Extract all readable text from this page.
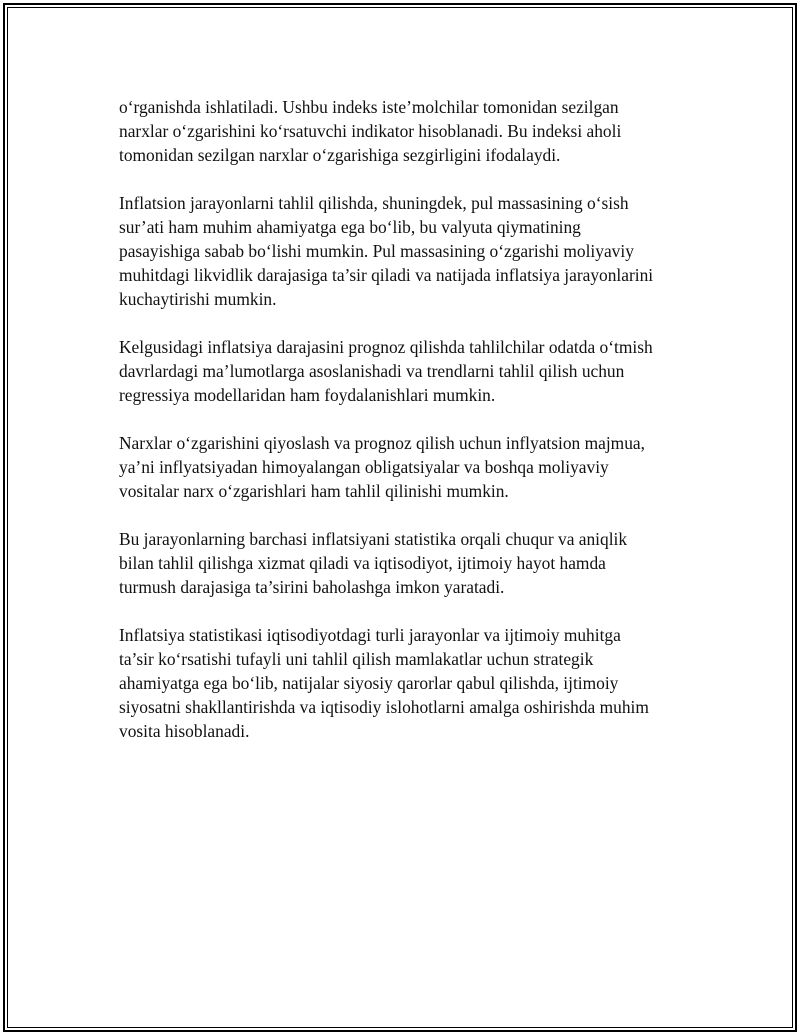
o‘rganishda ishlatiladi. Ushbu indeks iste’molchilar tomonidan sezilgan
narxlar o‘zgarishini ko‘rsatuvchi indikator hisoblanadi. Bu indeksi aholi
tomonidan sezilgan narxlar o‘zgarishiga sezgirligini ifodalaydi.

Inflatsion jarayonlarni tahlil qilishda, shuningdek, pul massasining o‘sish
sur’ati ham muhim ahamiyatga ega bo‘lib, bu valyuta qiymatining
pasayishiga sabab bo‘lishi mumkin. Pul massasining o‘zgarishi moliyaviy
muhitdagi likvidlik darajasiga ta’sir qiladi va natijada inflatsiya jarayonlarini
kuchaytirishi mumkin.

Kelgusidagi inflatsiya darajasini prognoz qilishda tahlilchilar odatda o‘tmish
davrlardagi ma’lumotlarga asoslanishadi va trendlarni tahlil qilish uchun
regressiya modellaridan ham foydalanishlari mumkin.

Narxlar o‘zgarishini qiyoslash va prognoz qilish uchun inflyatsion majmua,
ya’ni inflyatsiyadan himoyalangan obligatsiyalar va boshqa moliyaviy
vositalar narx o‘zgarishlari ham tahlil qilinishi mumkin.

Bu jarayonlarning barchasi inflatsiyani statistika orqali chuqur va aniqlik
bilan tahlil qilishga xizmat qiladi va iqtisodiyot, ijtimoiy hayot hamda
turmush darajasiga ta’sirini baholashga imkon yaratadi.

Inflatsiya statistikasi iqtisodiyotdagi turli jarayonlar va ijtimoiy muhitga
ta’sir ko‘rsatishi tufayli uni tahlil qilish mamlakatlar uchun strategik
ahamiyatga ega bo‘lib, natijalar siyosiy qarorlar qabul qilishda, ijtimoiy
siyosatni shakllantirishda va iqtisodiy islohotlarni amalga oshirishda muhim
vosita hisoblanadi.
